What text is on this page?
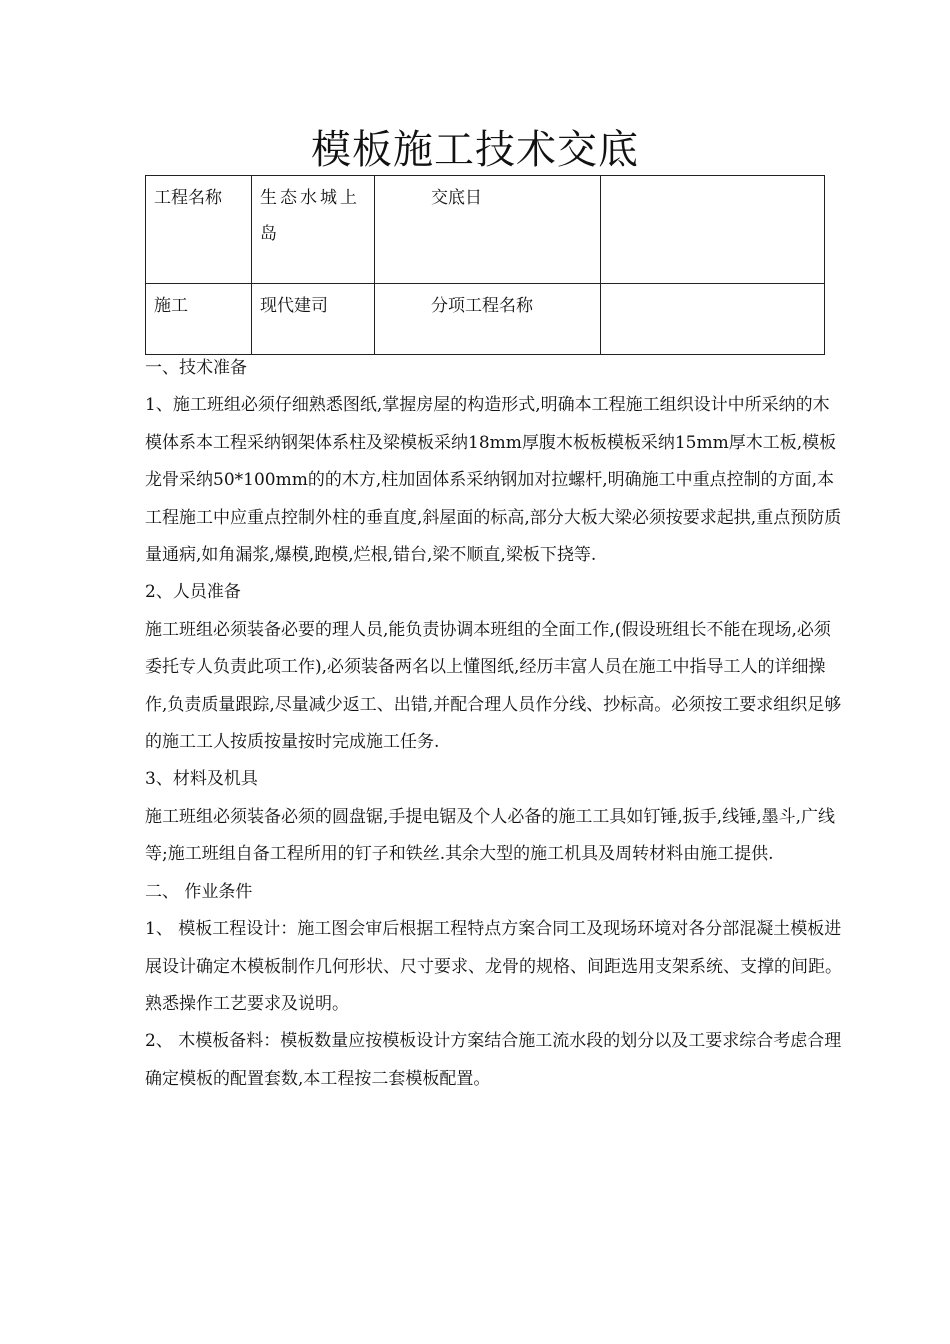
模板施工技术交底
工程名称	生态水城上岛	交底日	
施工	现代建司	分项工程名称	

一、技术准备

1、施工班组必须仔细熟悉图纸,掌握房屋的构造形式,明确本工程施工组织设计中所采纳的木模体系本工程采纳钢架体系柱及梁模板采纳18mm厚腹木板板模板采纳15mm厚木工板,模板龙骨采纳50*100mm的的木方,柱加固体系采纳钢加对拉螺杆,明确施工中重点控制的方面,本工程施工中应重点控制外柱的垂直度,斜屋面的标高,部分大板大梁必须按要求起拱,重点预防质量通病,如角漏浆,爆模,跑模,烂根,错台,梁不顺直,梁板下挠等.

2、人员准备

施工班组必须装备必要的理人员,能负责协调本班组的全面工作,(假设班组长不能在现场,必须委托专人负责此项工作),必须装备两名以上懂图纸,经历丰富人员在施工中指导工人的详细操作,负责质量跟踪,尽量减少返工、出错,并配合理人员作分线、抄标高。必须按工要求组织足够的施工工人按质按量按时完成施工任务.

3、材料及机具

施工班组必须装备必须的圆盘锯,手提电锯及个人必备的施工工具如钉锤,扳手,线锤,墨斗,广线等;施工班组自备工程所用的钉子和铁丝.其余大型的施工机具及周转材料由施工提供.

二、 作业条件

1、 模板工程设计：施工图会审后根据工程特点方案合同工及现场环境对各分部混凝土模板进展设计确定木模板制作几何形状、尺寸要求、龙骨的规格、间距选用支架系统、支撑的间距。熟悉操作工艺要求及说明。

2、 木模板备料：模板数量应按模板设计方案结合施工流水段的划分以及工要求综合考虑合理确定模板的配置套数,本工程按二套模板配置。
